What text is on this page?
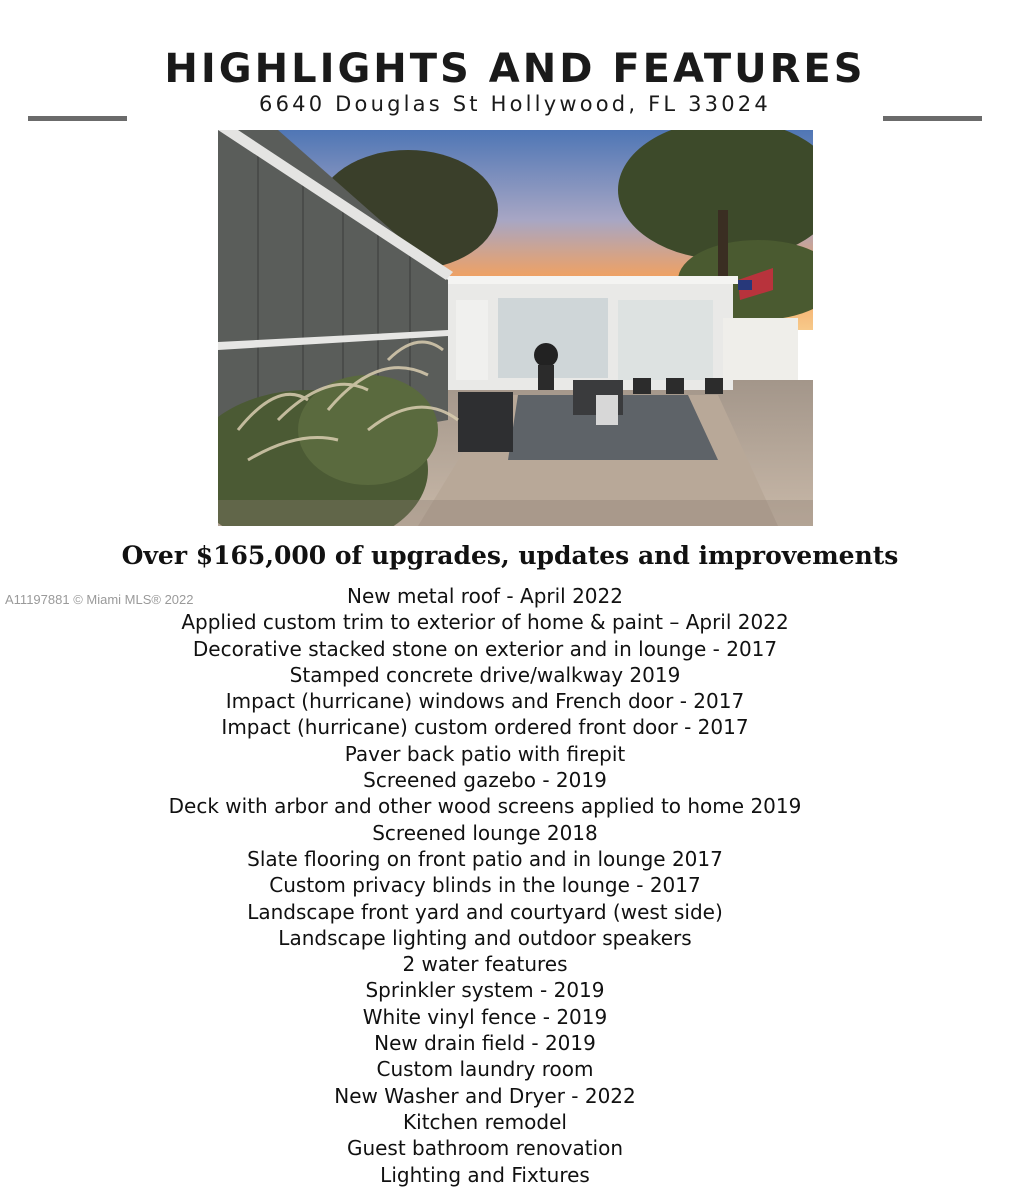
HIGHLIGHTS AND FEATURES
6640 Douglas St Hollywood, FL 33024
Over $165,000 of upgrades, updates and improvements
A11197881 © Miami MLS® 2022	New metal roof - April 2022
Applied custom trim to exterior of home & paint – April 2022
Decorative stacked stone on exterior and in lounge - 2017
Stamped concrete drive/walkway 2019
Impact (hurricane) windows and French door - 2017
Impact (hurricane) custom ordered front door - 2017
Paver back patio with firepit
Screened gazebo - 2019
Deck with arbor and other wood screens applied to home 2019
Screened lounge 2018
Slate flooring on front patio and in lounge 2017
Custom privacy blinds in the lounge - 2017
Landscape front yard and courtyard (west side)
Landscape lighting and outdoor speakers
2 water features
Sprinkler system - 2019
White vinyl fence - 2019
New drain field - 2019
Custom laundry room
New Washer and Dryer - 2022
Kitchen remodel
Guest bathroom renovation
Lighting and Fixtures
